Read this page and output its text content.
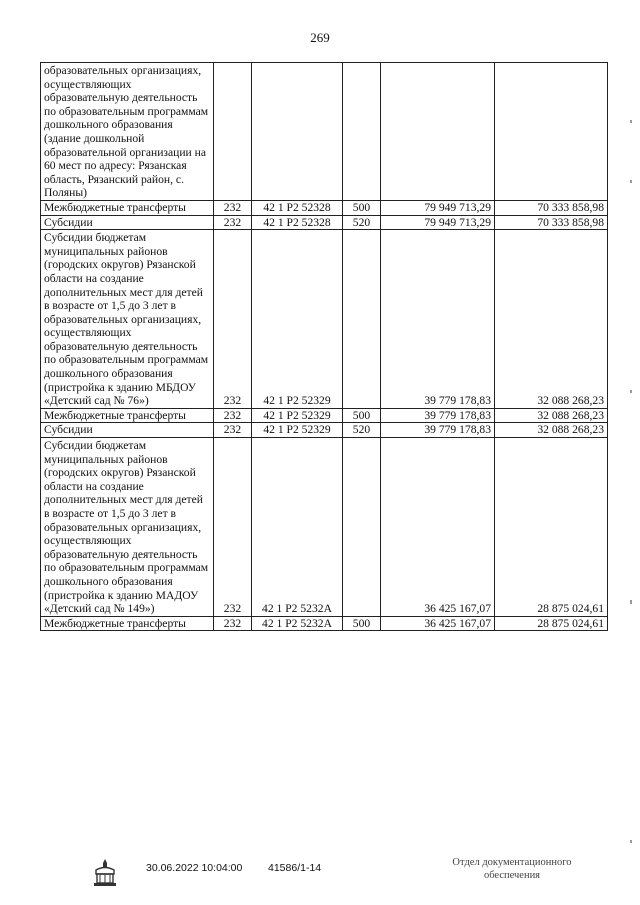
269
образовательных организациях, осуществляющих образовательную деятельность по образовательным программам дошкольного образования (здание дошкольной образовательной организации на 60 мест по адресу: Рязанская область, Рязанский район, с. Поляны)					
Межбюджетные трансферты	232	42 1 Р2 52328	500	79 949 713,29	70 333 858,98
Субсидии	232	42 1 Р2 52328	520	79 949 713,29	70 333 858,98
Субсидии бюджетам муниципальных районов (городских округов) Рязанской области на создание дополнительных мест для детей в возрасте от 1,5 до 3 лет в образовательных организациях, осуществляющих образовательную деятельность по образовательным программам дошкольного образования (пристройка к зданию МБДОУ «Детский сад № 76»)	232	42 1 Р2 52329		39 779 178,83	32 088 268,23
Межбюджетные трансферты	232	42 1 Р2 52329	500	39 779 178,83	32 088 268,23
Субсидии	232	42 1 Р2 52329	520	39 779 178,83	32 088 268,23
Субсидии бюджетам муниципальных районов (городских округов) Рязанской области на создание дополнительных мест для детей в возрасте от 1,5 до 3 лет в образовательных организациях, осуществляющих образовательную деятельность по образовательным программам дошкольного образования (пристройка к зданию МАДОУ «Детский сад № 149»)	232	42 1 Р2 5232А		36 425 167,07	28 875 024,61
Межбюджетные трансферты	232	42 1 Р2 5232А	500	36 425 167,07	28 875 024,61
30.06.2022 10:04:00 41586/1-14	Отдел документационного обеспечения
